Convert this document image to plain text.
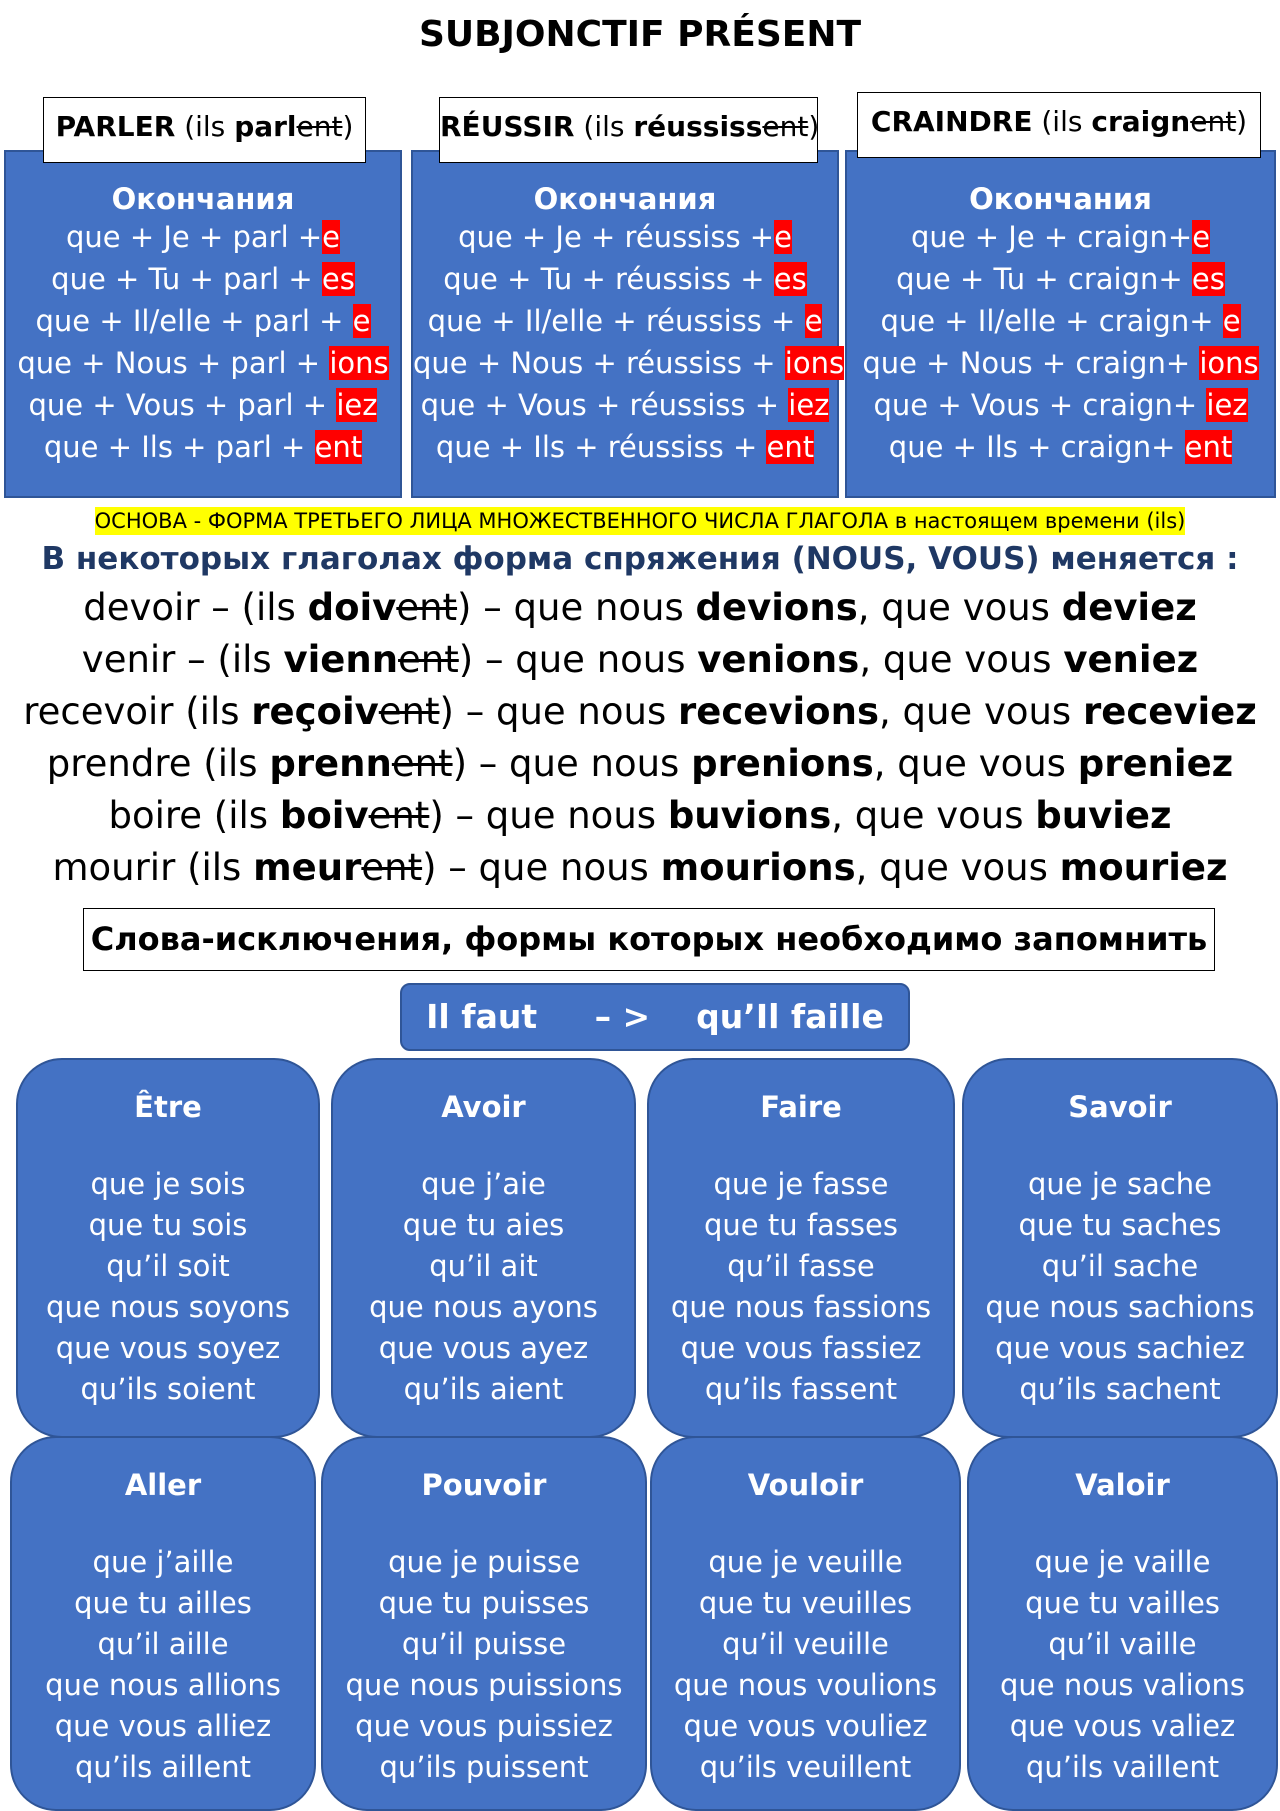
SUBJONCTIF PRÉSENT
Окончания
que + Je + parl +e
que + Tu + parl + es
que + Il/elle + parl + e
que + Nous + parl + ions
que + Vous + parl + iez
que + Ils + parl + ent
PARLER (ils parlent)
Окончания
que + Je + réussiss +e
que + Tu + réussiss + es
que + Il/elle + réussiss + e
que + Nous + réussiss + ions
que + Vous + réussiss + iez
que + Ils + réussiss + ent
RÉUSSIR (ils réussissent)
Окончания
que + Je + craign+e
que + Tu + craign+ es
que + Il/elle + craign+ e
que + Nous + craign+ ions
que + Vous + craign+ iez
que + Ils + craign+ ent
CRAINDRE (ils craignent)
ОСНОВА - ФОРМА ТРЕТЬЕГО ЛИЦА МНОЖЕСТВЕННОГО ЧИСЛА ГЛАГОЛА в настоящем времени (ils)
В некоторых глаголах форма спряжения (NOUS, VOUS) меняется :
devoir – (ils doivent) – que nous devions, que vous deviez
venir – (ils viennent) – que nous venions, que vous veniez
recevoir (ils reçoivent) – que nous recevions, que vous receviez
prendre (ils prennent) – que nous prenions, que vous preniez
boire (ils boivent) – que nous buvions, que vous buviez
mourir (ils meurent) – que nous mourions, que vous mouriez
Слова-исключения, формы которых необходимо запомнить
Il faut     – >    qu’Il faille
Être
que je sois
que tu sois
qu’il soit
que nous soyons
que vous soyez
qu’ils soient
Avoir
que j’aie
que tu aies
qu’il ait
que nous ayons
que vous ayez
qu’ils aient
Faire
que je fasse
que tu fasses
qu’il fasse
que nous fassions
que vous fassiez
qu’ils fassent
Savoir
que je sache
que tu saches
qu’il sache
que nous sachions
que vous sachiez
qu’ils sachent
Aller
que j’aille
que tu ailles
qu’il aille
que nous allions
que vous alliez
qu’ils aillent
Pouvoir
que je puisse
que tu puisses
qu’il puisse
que nous puissions
que vous puissiez
qu’ils puissent
Vouloir
que je veuille
que tu veuilles
qu’il veuille
que nous voulions
que vous vouliez
qu’ils veuillent
Valoir
que je vaille
que tu vailles
qu’il vaille
que nous valions
que vous valiez
qu’ils vaillent
